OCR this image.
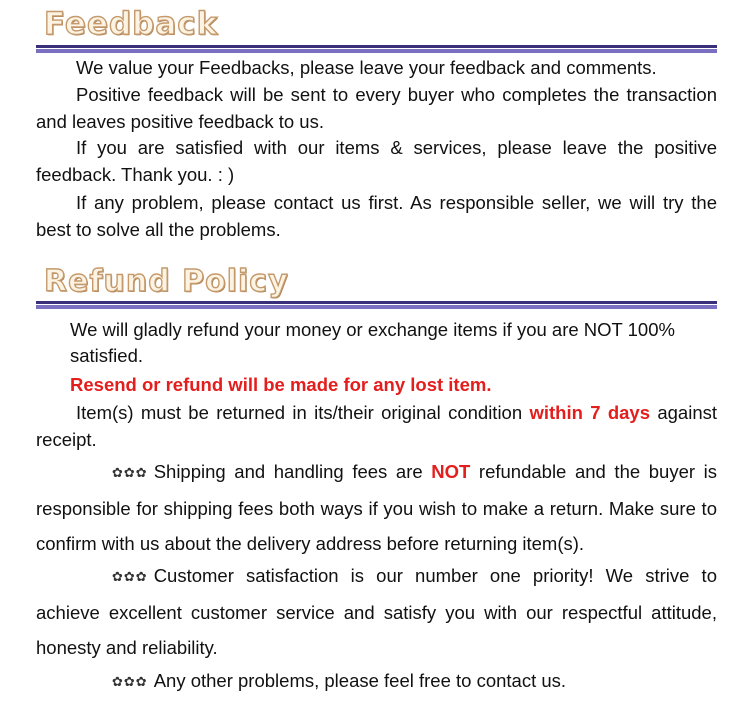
Feedback

We value your Feedbacks, please leave your feedback and comments.

Positive feedback will be sent to every buyer who completes the transaction and leaves positive feedback to us.

If you are satisfied with our items & services, please leave the positive feedback. Thank you. : )

If any problem, please contact us first. As responsible seller, we will try the best to solve all the problems.

Refund Policy

We will gladly refund your money or exchange items if you are NOT 100% satisfied.

Resend or refund will be made for any lost item.

Item(s) must be returned in its/their original condition within 7 days against receipt.

✿✿✿ Shipping and handling fees are NOT refundable and the buyer is responsible for shipping fees both ways if you wish to make a return. Make sure to confirm with us about the delivery address before returning item(s).

✿✿✿ Customer satisfaction is our number one priority! We strive to achieve excellent customer service and satisfy you with our respectful attitude, honesty and reliability.

✿✿✿ Any other problems, please feel free to contact us.
